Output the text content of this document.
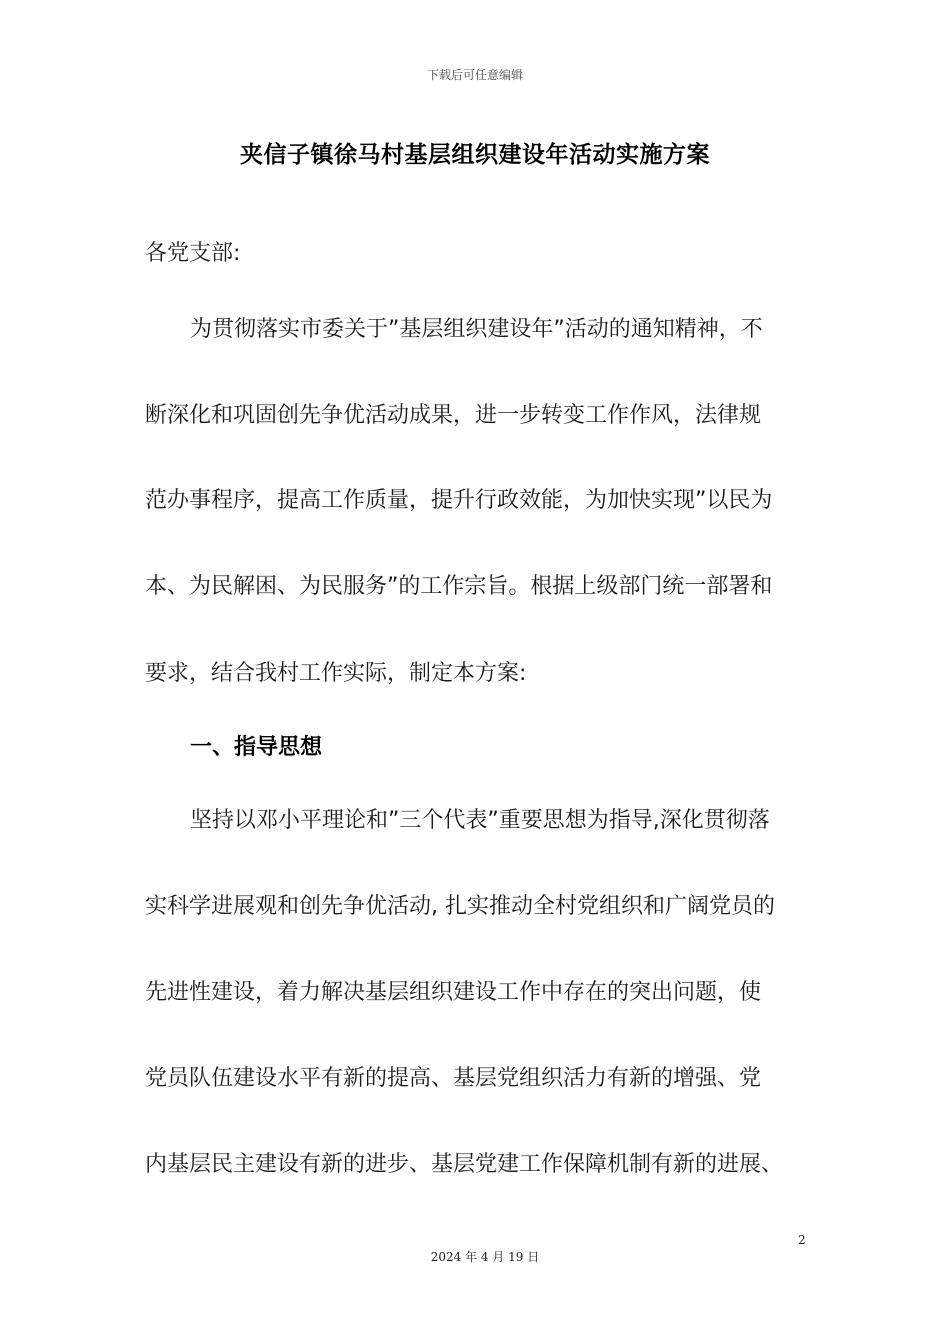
下载后可任意编辑
夹信子镇徐马村基层组织建设年活动实施方案
各党支部:
为贯彻落实市委关于”基层组织建设年”活动的通知精神，不
断深化和巩固创先争优活动成果，进一步转变工作作风，法律规
范办事程序，提高工作质量，提升行政效能，为加快实现”以民为
本、为民解困、为民服务”的工作宗旨。根据上级部门统一部署和
要求，结合我村工作实际，制定本方案:
一、指导思想
坚持以邓小平理论和”三个代表”重要思想为指导,深化贯彻落
实科学进展观和创先争优活动, 扎实推动全村党组织和广阔党员的
先进性建设，着力解决基层组织建设工作中存在的突出问题，使
党员队伍建设水平有新的提高、基层党组织活力有新的增强、党
内基层民主建设有新的进步、基层党建工作保障机制有新的进展、
2
2024 年 4 月 19 日
